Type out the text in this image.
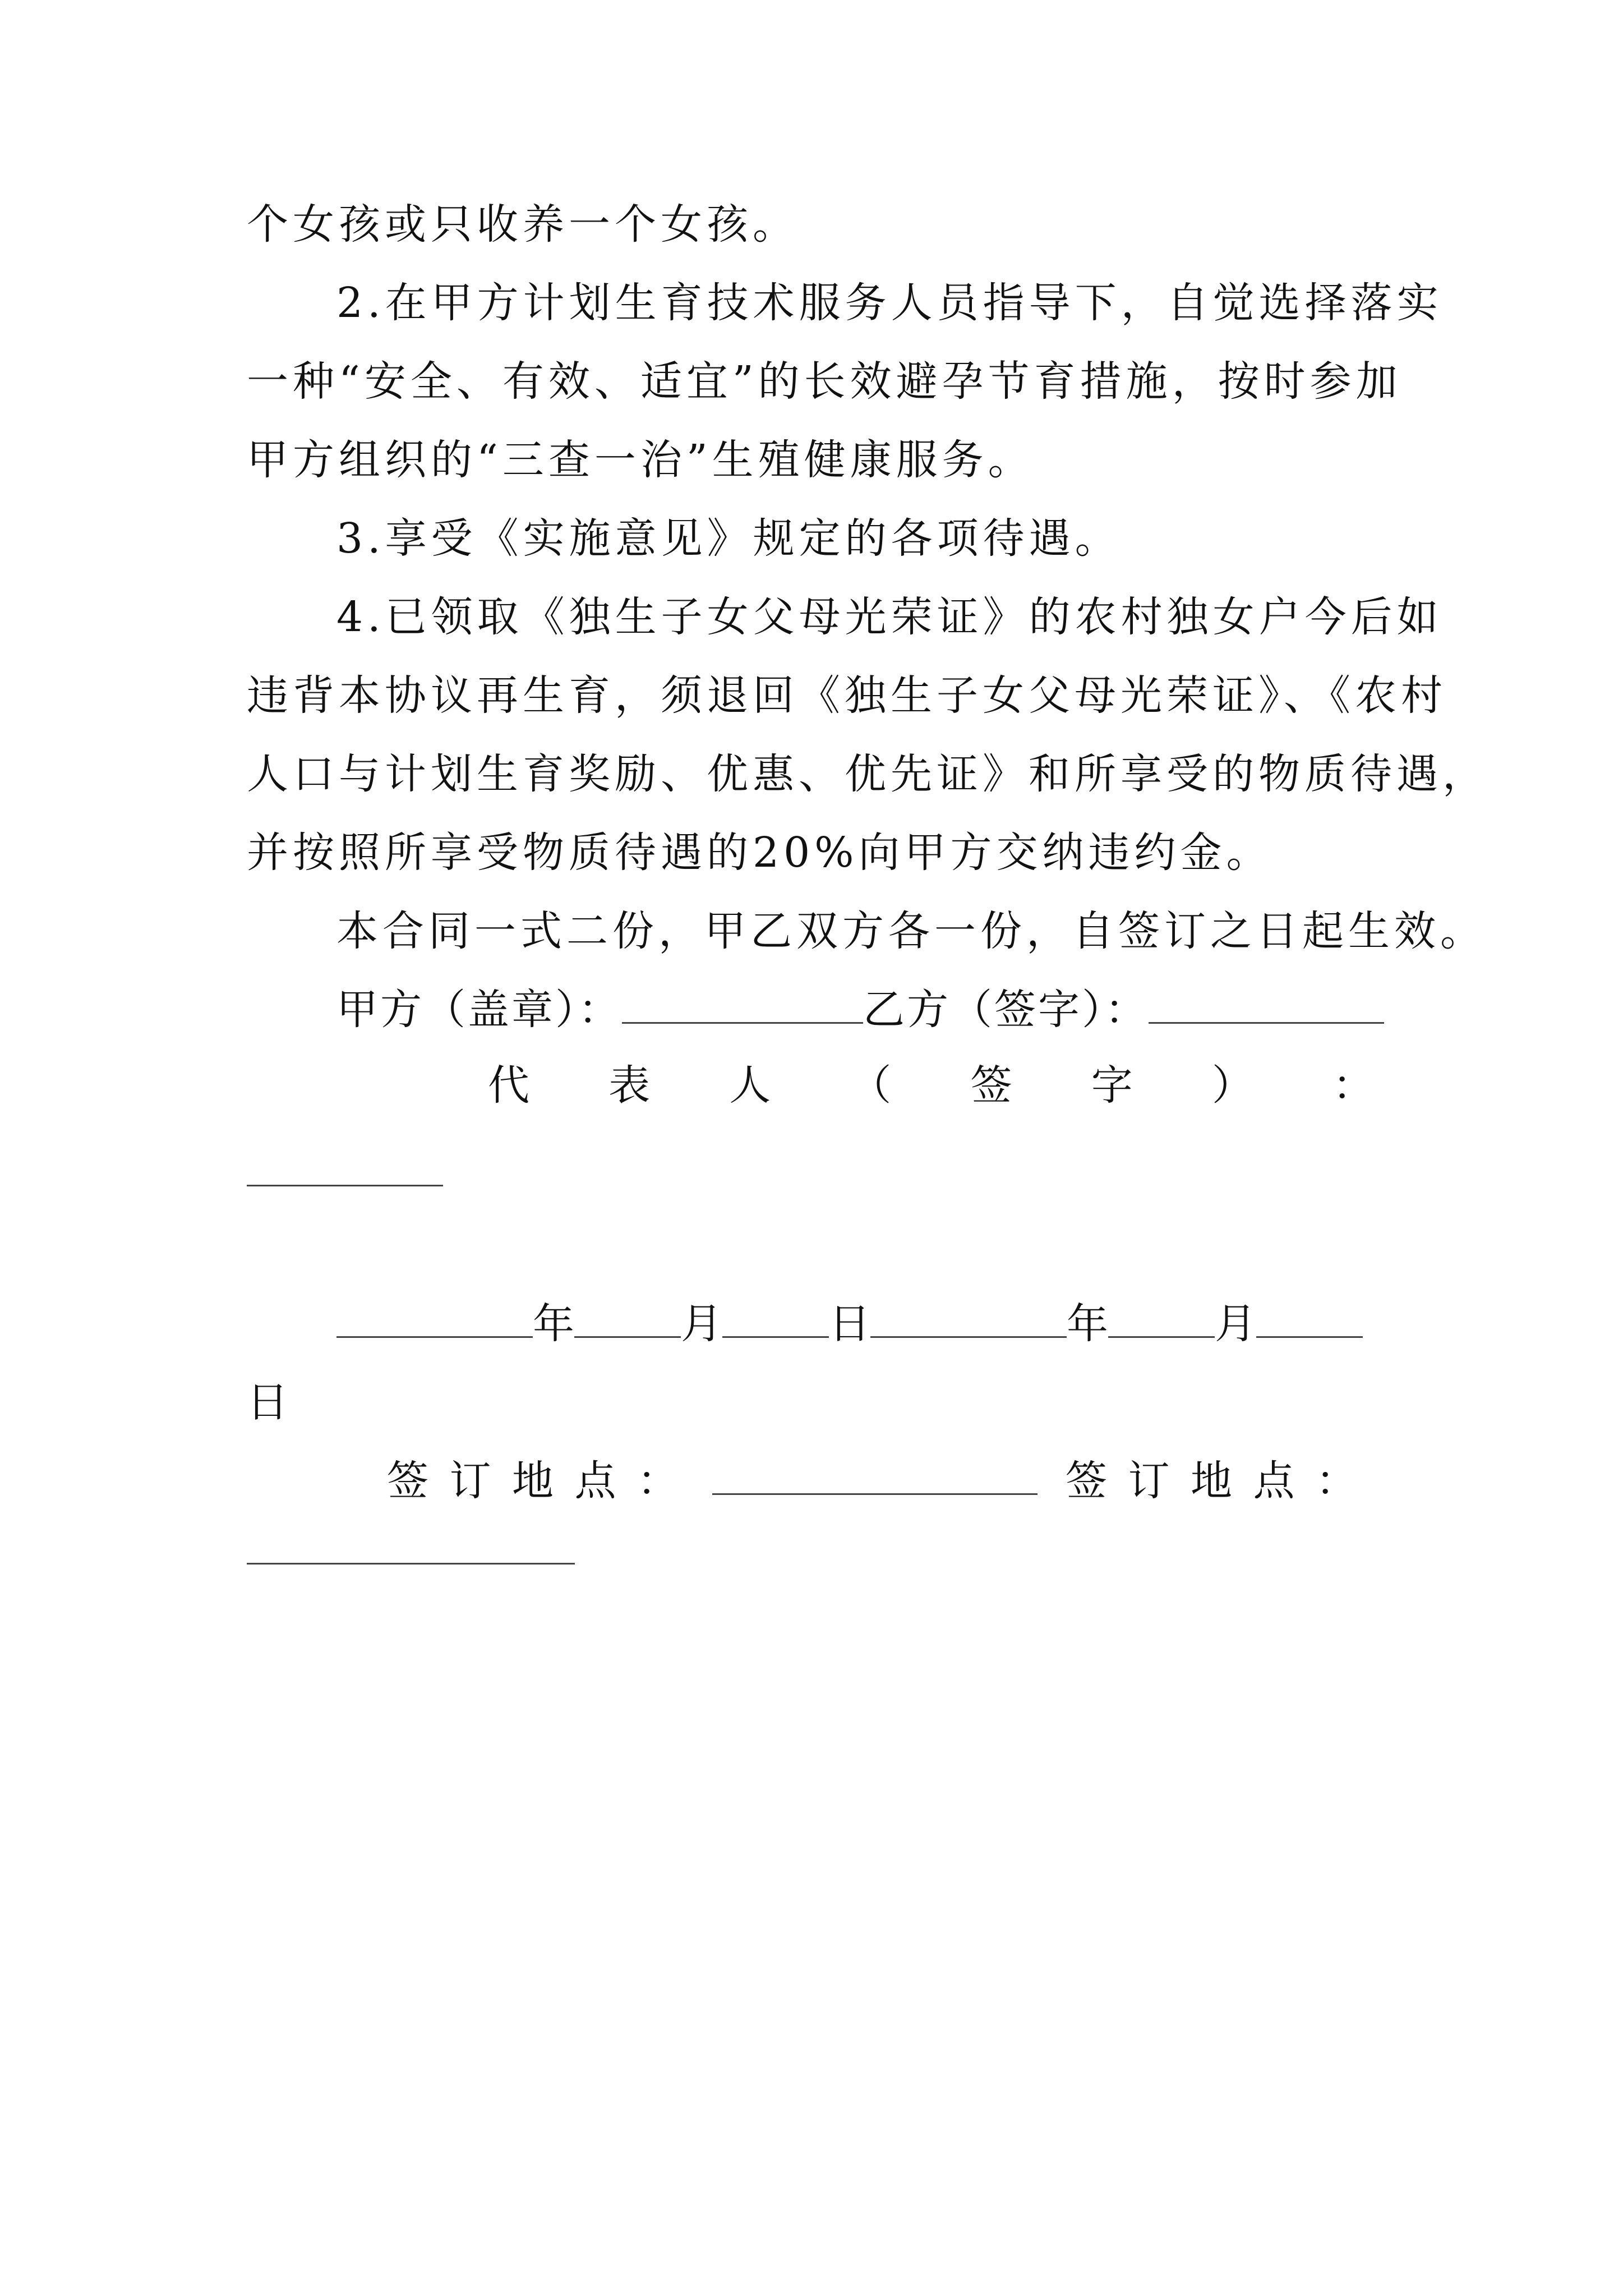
个女孩或只收养一个女孩。
2.在甲方计划生育技术服务人员指导下，自觉选择落实
一种“安全、有效、适宜”的长效避孕节育措施，按时参加
甲方组织的“三查一治”生殖健康服务。
3.享受《实施意见》规定的各项待遇。
4.已领取《独生子女父母光荣证》的农村独女户今后如
违背本协议再生育，须退回《独生子女父母光荣证》、《农村
人口与计划生育奖励、优惠、优先证》和所享受的物质待遇，
并按照所享受物质待遇的20%向甲方交纳违约金。
本合同一式二份，甲乙双方各一份，自签订之日起生效。
甲方（盖章）：	乙方（签字）：
代 表 人 （ 签 字 ） ：
年	月	日	年	月
日
签 订 地 点 ：	签 订 地 点 ：
